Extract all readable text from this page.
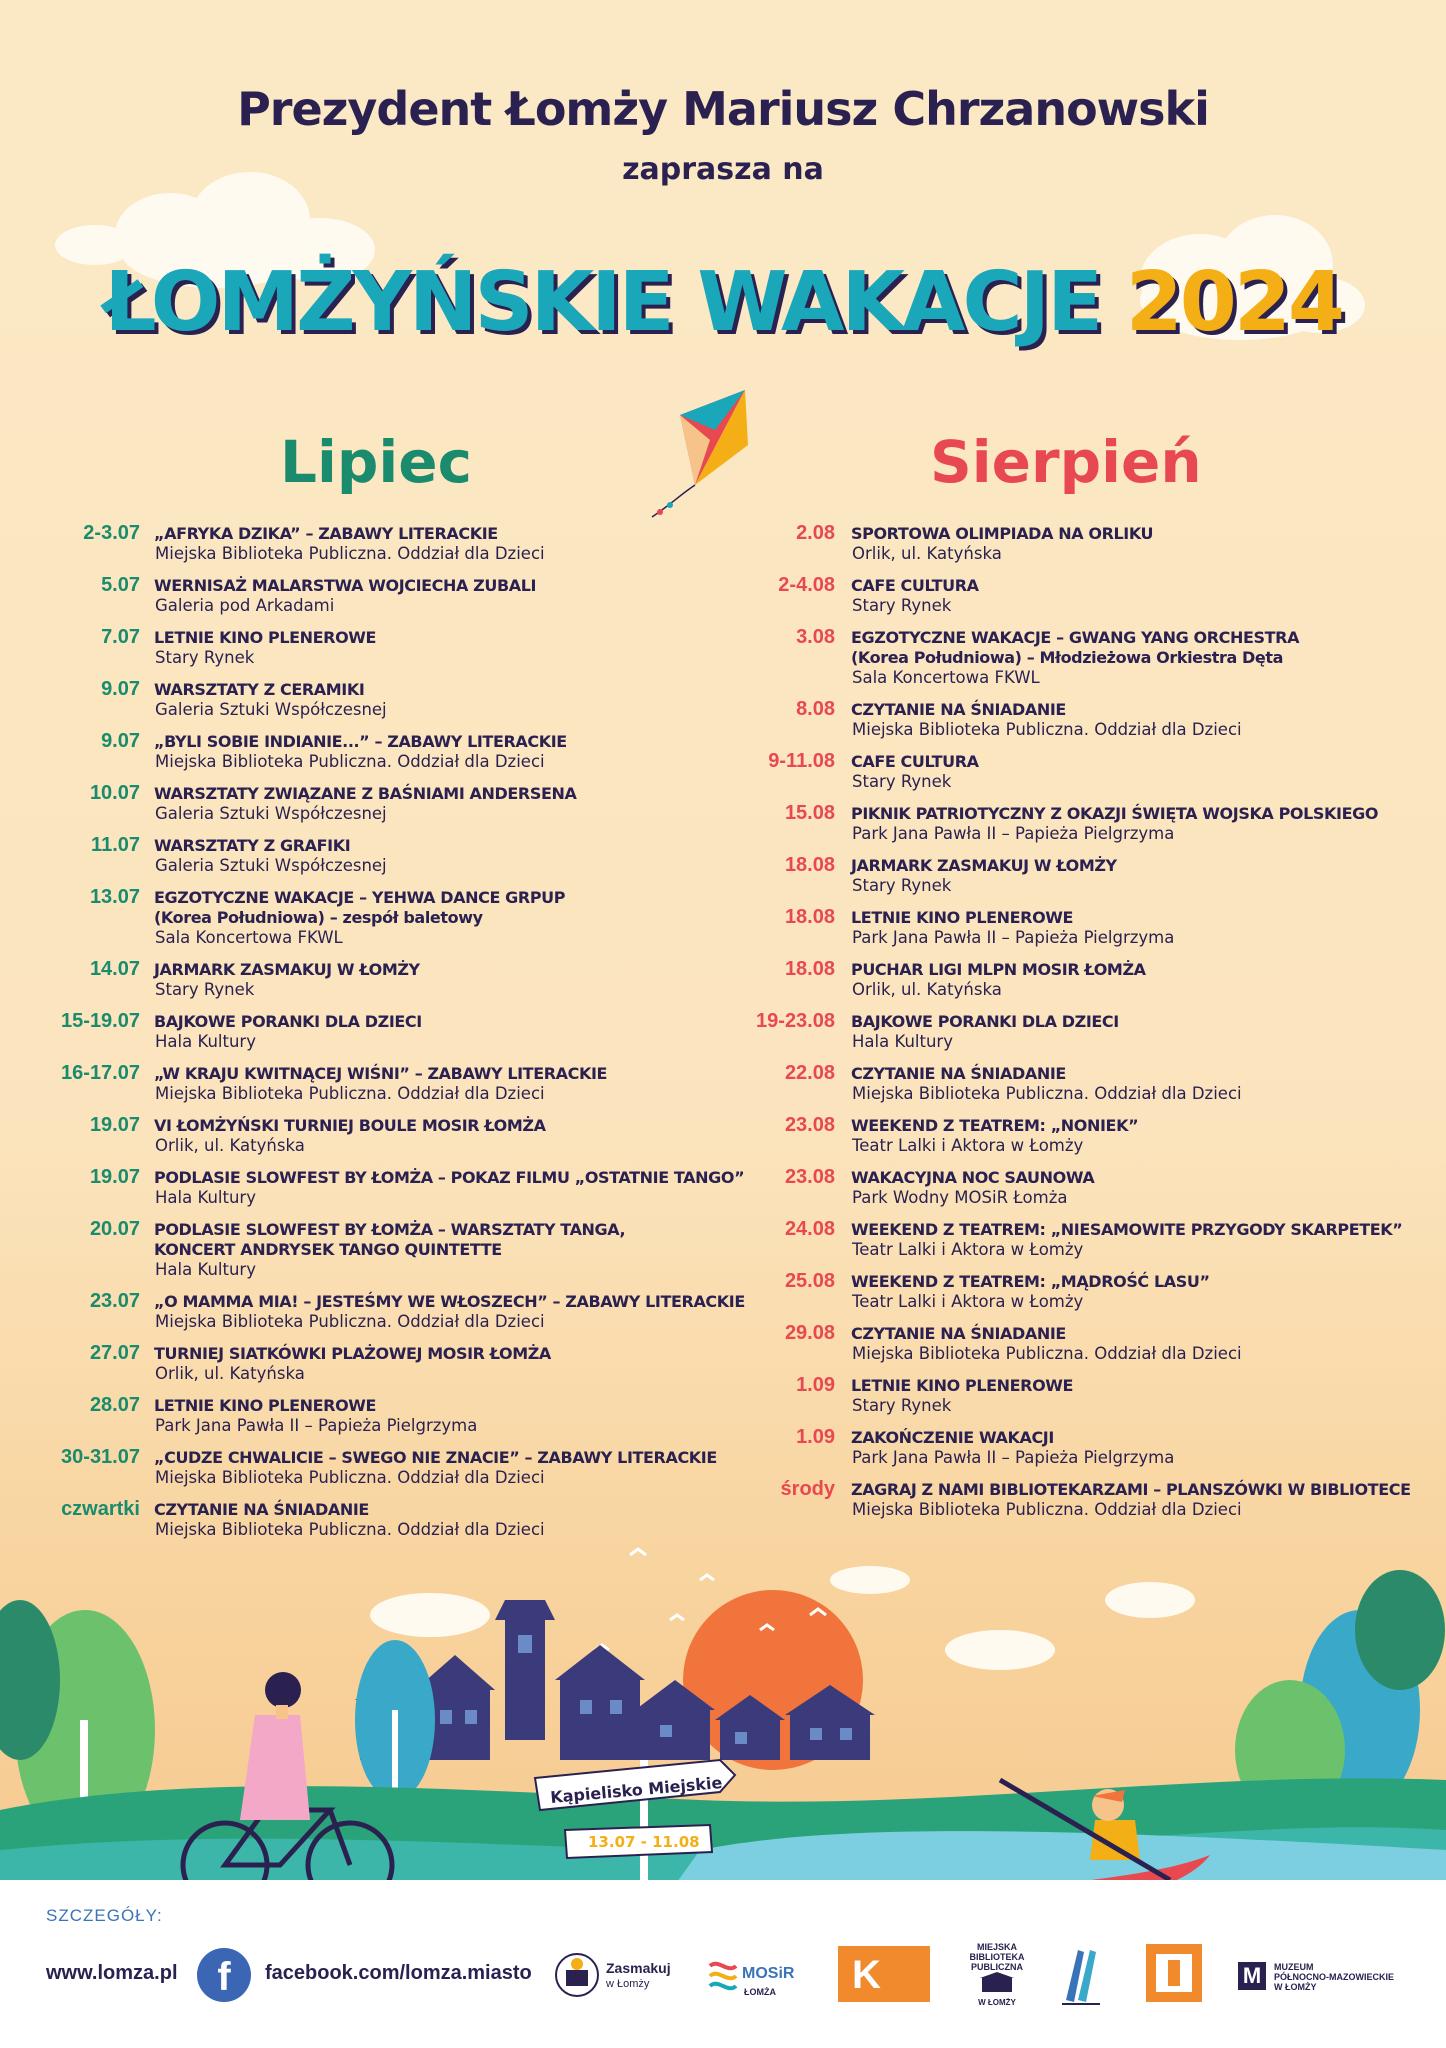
Prezydent Łomży Mariusz Chrzanowski
zaprasza na
ŁOMŻYŃSKIE WAKACJE 2024
Lipiec	Sierpień
2-3.07 „AFRYKA DZIKA” – ZABAWY LITERACKIE
Miejska Biblioteka Publiczna. Oddział dla Dzieci
5.07 WERNISAŻ MALARSTWA WOJCIECHA ZUBALI
Galeria pod Arkadami
7.07 LETNIE KINO PLENEROWE
Stary Rynek
9.07 WARSZTATY Z CERAMIKI
Galeria Sztuki Współczesnej
9.07 „BYLI SOBIE INDIANIE...” – ZABAWY LITERACKIE
Miejska Biblioteka Publiczna. Oddział dla Dzieci
10.07 WARSZTATY ZWIĄZANE Z BAŚNIAMI ANDERSENA
Galeria Sztuki Współczesnej
11.07 WARSZTATY Z GRAFIKI
Galeria Sztuki Współczesnej
13.07 EGZOTYCZNE WAKACJE – YEHWA DANCE GRPUP
(Korea Południowa) – zespół baletowy
Sala Koncertowa FKWL
14.07 JARMARK ZASMAKUJ W ŁOMŻY
Stary Rynek
15-19.07 BAJKOWE PORANKI DLA DZIECI
Hala Kultury
16-17.07 „W KRAJU KWITNĄCEJ WIŚNI” – ZABAWY LITERACKIE
Miejska Biblioteka Publiczna. Oddział dla Dzieci
19.07 VI ŁOMŻYŃSKI TURNIEJ BOULE MOSIR ŁOMŻA
Orlik, ul. Katyńska
19.07 PODLASIE SLOWFEST BY ŁOMŻA – POKAZ FILMU „OSTATNIE TANGO”
Hala Kultury
20.07 PODLASIE SLOWFEST BY ŁOMŻA – WARSZTATY TANGA,
KONCERT ANDRYSEK TANGO QUINTETTE
Hala Kultury
23.07 „O MAMMA MIA! – JESTEŚMY WE WŁOSZECH” – ZABAWY LITERACKIE
Miejska Biblioteka Publiczna. Oddział dla Dzieci
27.07 TURNIEJ SIATKÓWKI PLAŻOWEJ MOSIR ŁOMŻA
Orlik, ul. Katyńska
28.07 LETNIE KINO PLENEROWE
Park Jana Pawła II – Papieża Pielgrzyma
30-31.07 „CUDZE CHWALICIE – SWEGO NIE ZNACIE” – ZABAWY LITERACKIE
Miejska Biblioteka Publiczna. Oddział dla Dzieci
czwartki CZYTANIE NA ŚNIADANIE
Miejska Biblioteka Publiczna. Oddział dla Dzieci
2.08 SPORTOWA OLIMPIADA NA ORLIKU
Orlik, ul. Katyńska
2-4.08 CAFE CULTURA
Stary Rynek
3.08 EGZOTYCZNE WAKACJE – GWANG YANG ORCHESTRA
(Korea Południowa) – Młodzieżowa Orkiestra Dęta
Sala Koncertowa FKWL
8.08 CZYTANIE NA ŚNIADANIE
Miejska Biblioteka Publiczna. Oddział dla Dzieci
9-11.08 CAFE CULTURA
Stary Rynek
15.08 PIKNIK PATRIOTYCZNY Z OKAZJI ŚWIĘTA WOJSKA POLSKIEGO
Park Jana Pawła II – Papieża Pielgrzyma
18.08 JARMARK ZASMAKUJ W ŁOMŻY
Stary Rynek
18.08 LETNIE KINO PLENEROWE
Park Jana Pawła II – Papieża Pielgrzyma
18.08 PUCHAR LIGI MLPN MOSIR ŁOMŻA
Orlik, ul. Katyńska
19-23.08 BAJKOWE PORANKI DLA DZIECI
Hala Kultury
22.08 CZYTANIE NA ŚNIADANIE
Miejska Biblioteka Publiczna. Oddział dla Dzieci
23.08 WEEKEND Z TEATREM: „NONIEK”
Teatr Lalki i Aktora w Łomży
23.08 WAKACYJNA NOC SAUNOWA
Park Wodny MOSiR Łomża
24.08 WEEKEND Z TEATREM: „NIESAMOWITE PRZYGODY SKARPETEK”
Teatr Lalki i Aktora w Łomży
25.08 WEEKEND Z TEATREM: „MĄDROŚĆ LASU”
Teatr Lalki i Aktora w Łomży
29.08 CZYTANIE NA ŚNIADANIE
Miejska Biblioteka Publiczna. Oddział dla Dzieci
1.09 LETNIE KINO PLENEROWE
Stary Rynek
1.09 ZAKOŃCZENIE WAKACJI
Park Jana Pawła II – Papieża Pielgrzyma
środy ZAGRAJ Z NAMI BIBLIOTEKARZAMI – PLANSZÓWKI W BIBLIOTECE
Miejska Biblioteka Publiczna. Oddział dla Dzieci
Kąpielisko Miejskie
13.07 - 11.08
SZCZEGÓŁY:
www.lomza.pl f	facebook.com/lomza.miasto	Zasmakuj
w Łomży
MOSiR
ŁOMŻA K
MIEJSKA
BIBLIOTEKA
PUBLICZNA
W ŁOMŻY
M	MUZEUM
PÓŁNOCNO-MAZOWIECKIE
W ŁOMŻY
